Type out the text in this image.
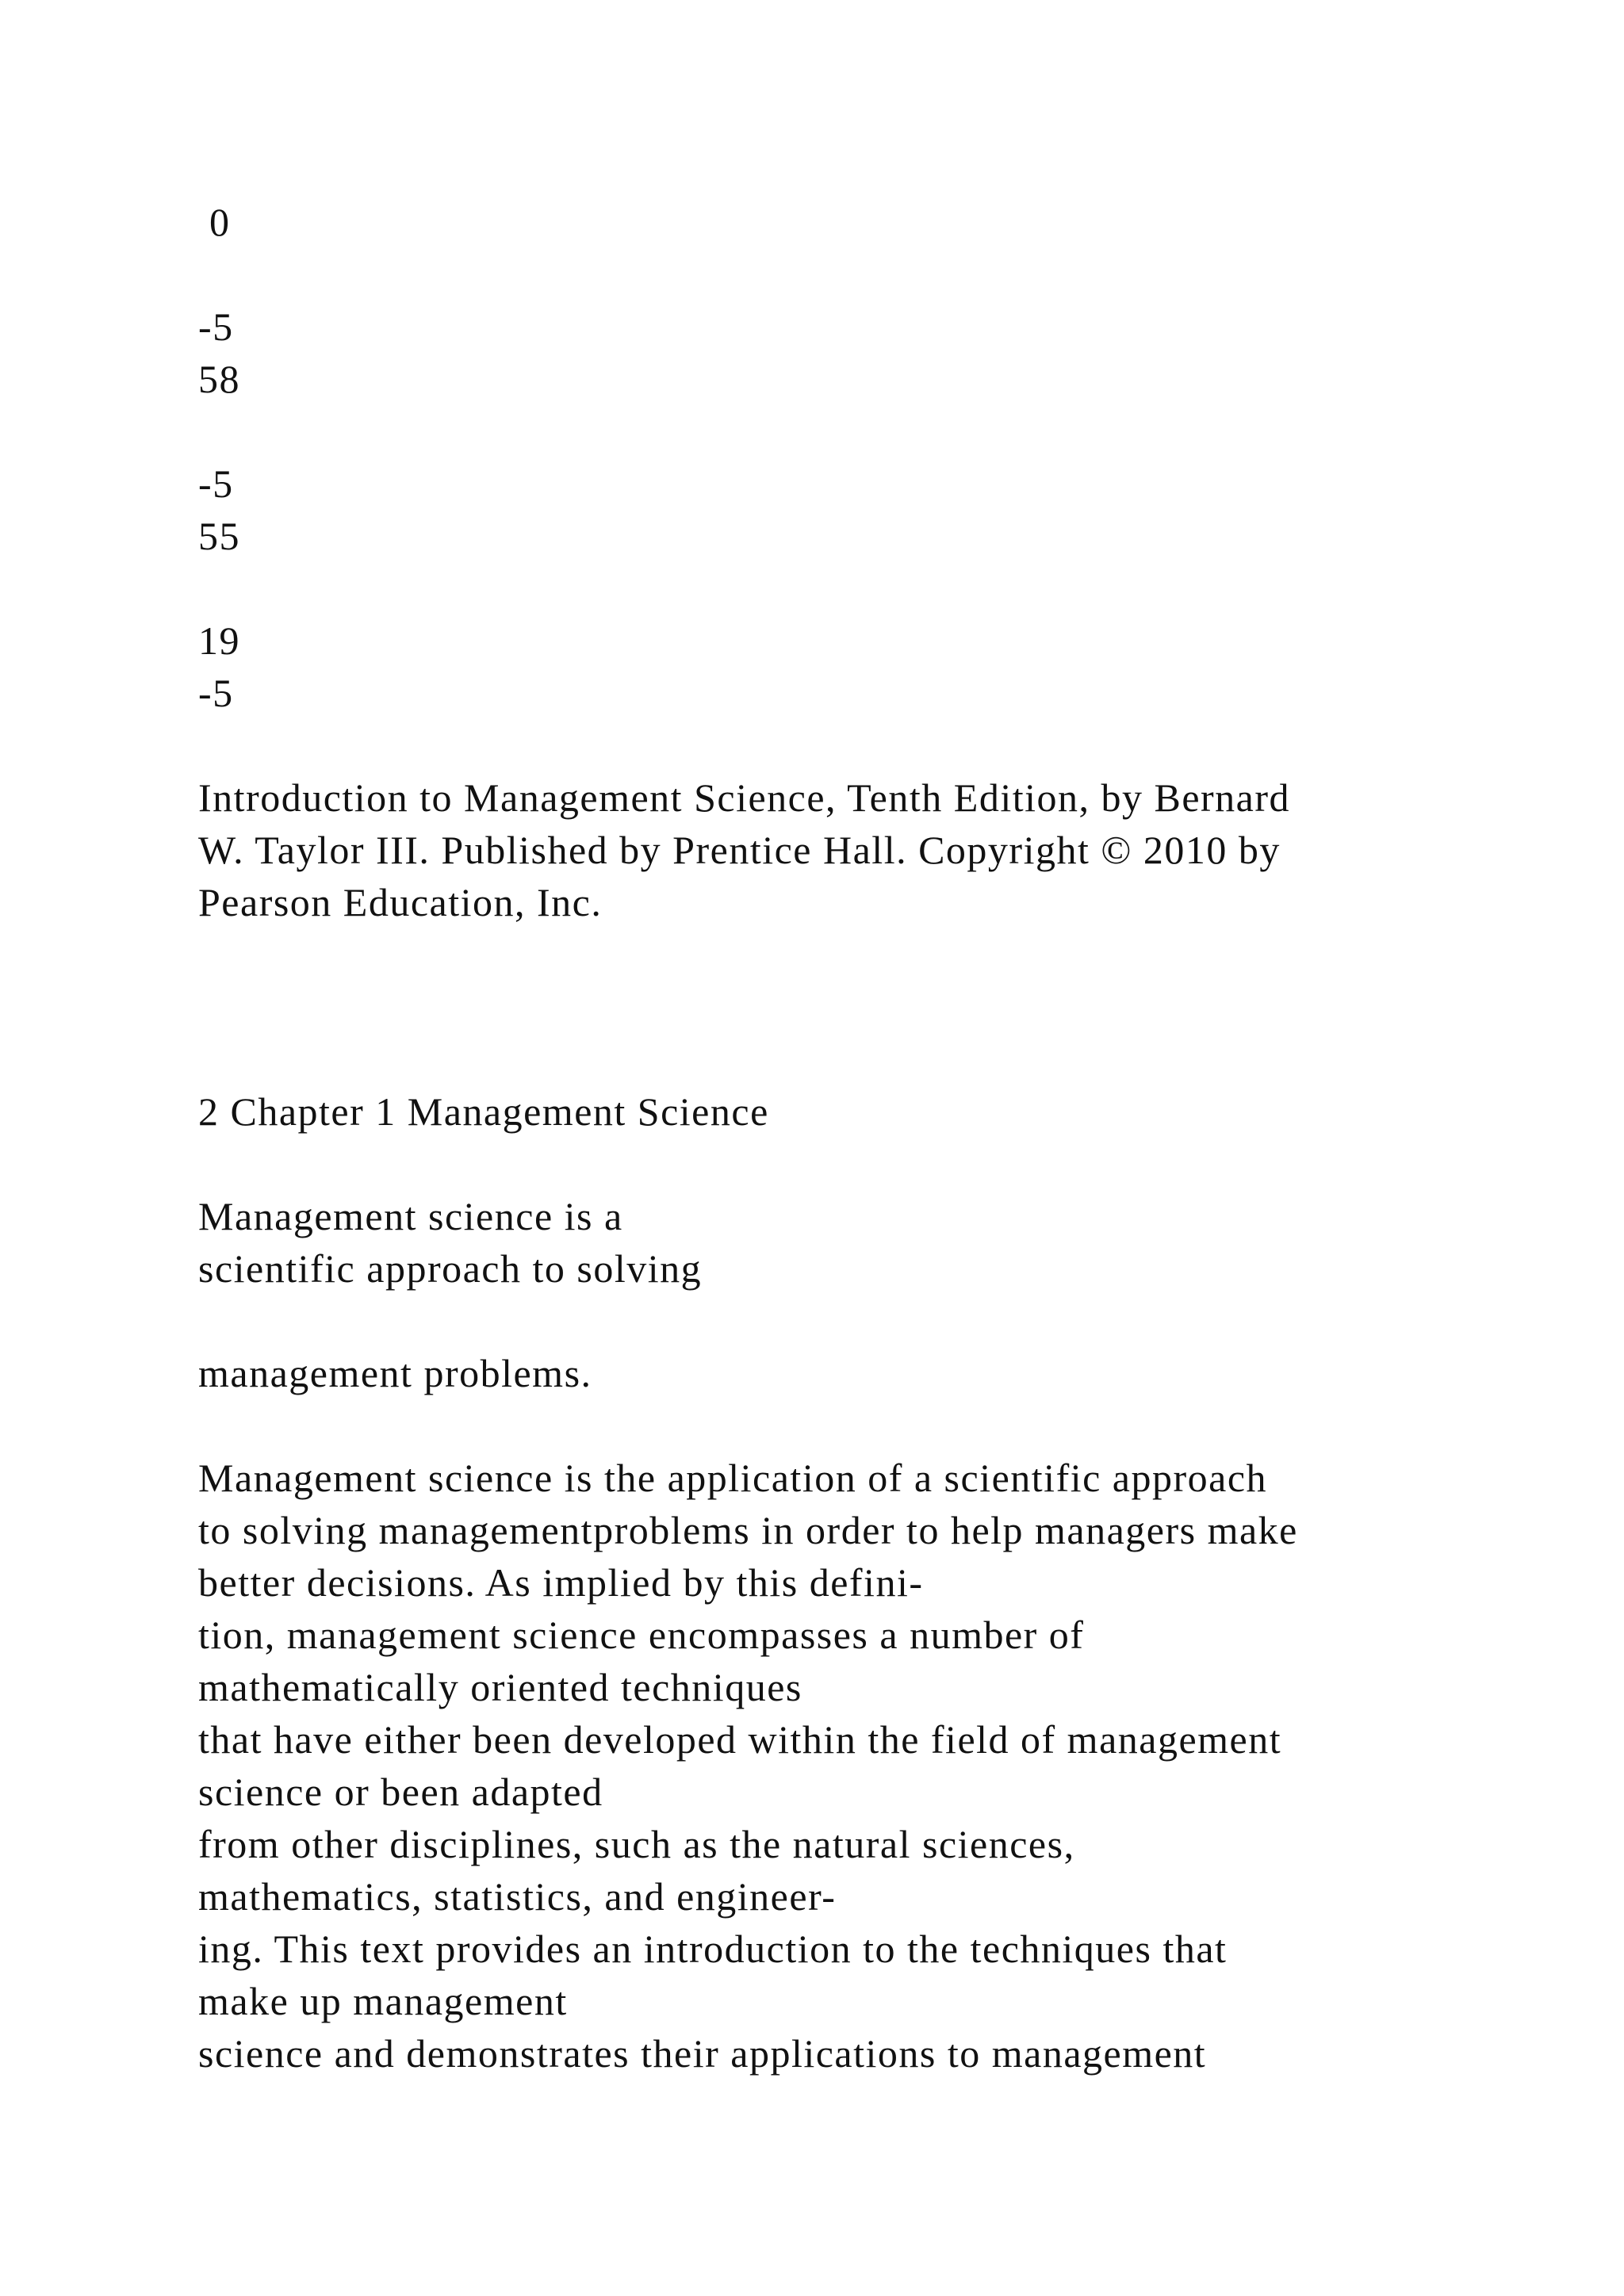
0
-5
58
-5
55
19
-5
Introduction to Management Science, Tenth Edition, by Bernard
W. Taylor III. Published by Prentice Hall. Copyright © 2010 by
Pearson Education, Inc.
2 Chapter 1 Management Science
Management science is a
scientific approach to solving
management problems.
Management science is the application of a scientific approach
to solving managementproblems in order to help managers make
better decisions. As implied by this defini-
tion, management science encompasses a number of
mathematically oriented techniques
that have either been developed within the field of management
science or been adapted
from other disciplines, such as the natural sciences,
mathematics, statistics, and engineer-
ing. This text provides an introduction to the techniques that
make up management
science and demonstrates their applications to management
